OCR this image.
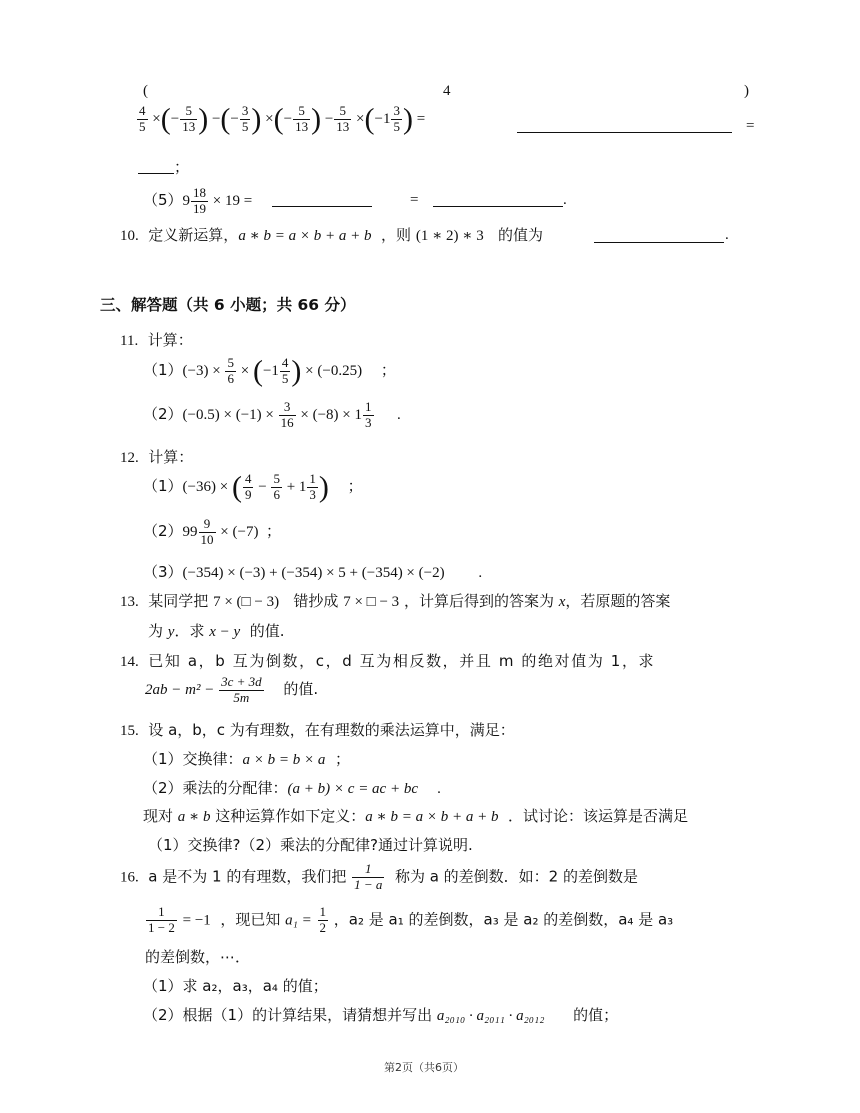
(	4	)
$\frac{4}{5}$ ×(− $\frac{5}{13}$ ) −(− $\frac{3}{5}$ ) ×(− $\frac{5}{13}$ ) − $\frac{5}{13} \times(-1 \frac{3}{5}$ ) =	=
；
$(5)9 \frac{18}{19} \times 19$ =	=	.
10. 定义新运算，a ∗ b = a × b + a + b ，则 (1 ∗ 2) ∗ 3 的值为	.
三、解答题（共 6 小题；共 66 分）
11. 计算：
$(1)(-3) \times \frac{5}{6} \times (-1 \frac{4}{5}$ ) × (−0.25) ；
$(2)(-0.5) \times (-1) \times \frac{3}{16} \times (-8) \times 1 \frac{1}{3}$ .
12. 计算：
（1）(−36) × ( $\frac{4}{9} - \frac{5}{6} + 1 \frac{1}{3}$ ) ；
$(2)99 \frac{9}{10} \times (-7)$ ；
（3）(−354) × (−3) + (−354) × 5 + (−354) × (−2) .
13. 某同学把 7 × (□ − 3) 错抄成 7 × □ − 3 ，计算后得到的答案为 x，若原题的答案
为 y．求 x − y 的值.
14. 已知 a，b 互为倒数，c，d 互为相反数，并且 m 的绝对值为 1，求
$2ab - m^2 - \frac{3c + 3d}{5m}$ 的值.
15. 设 a，b，c 为有理数，在有理数的乘法运算中，满足：
（1）交换律：a × b = b × a ；
（2）乘法的分配律：(a + b) × c = ac + bc .
现对 a ∗ b 这种运算作如下定义：a ∗ b = a × b + a + b ．试讨论：该运算是否满足
（1）交换律?（2）乘法的分配律?通过计算说明.
16. a 是不为 1 的有理数，我们把 $\frac{1}{1 - a}$ 称为 a 的差倒数．如：2 的差倒数是
$\frac{1}{1 - 2} = -1$ ，现已知 $a_1 = \frac{1}{2}$ ，a₂ 是 a₁ 的差倒数，a₃ 是 a₂ 的差倒数，a₄ 是 a₃
的差倒数，⋯．
（1）求 a₂，a₃，a₄ 的值；
（2）根据（1）的计算结果，请猜想并写出 a₂₀₁₀ · a₂₀₁₁ · a₂₀₁₂ 的值；
第2页（共6页）
